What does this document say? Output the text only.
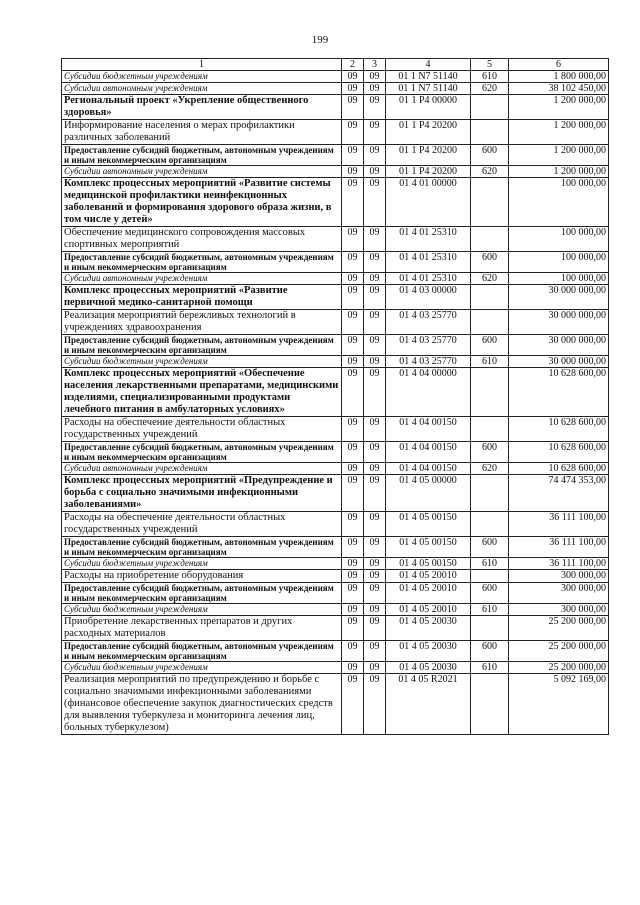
199
1	2	3	4	5	6
Субсидии бюджетным учреждениям	09	09	01 1 N7 51140	610	1 800 000,00
Субсидии автономным учреждениям	09	09	01 1 N7 51140	620	38 102 450,00
Региональный проект «Укрепление общественного здоровья»	09	09	01 1 P4 00000		1 200 000,00
Информирование населения о мерах профилактики различных заболеваний	09	09	01 1 P4 20200		1 200 000,00
Предоставление субсидий бюджетным, автономным учреждениям и иным некоммерческим организациям	09	09	01 1 P4 20200	600	1 200 000,00
Субсидии автономным учреждениям	09	09	01 1 P4 20200	620	1 200 000,00
Комплекс процессных мероприятий «Развитие системы медицинской профилактики неинфекционных заболеваний и формирования здорового образа жизни, в том числе у детей»	09	09	01 4 01 00000		100 000,00
Обеспечение медицинского сопровождения массовых спортивных мероприятий	09	09	01 4 01 25310		100 000,00
Предоставление субсидий бюджетным, автономным учреждениям и иным некоммерческим организациям	09	09	01 4 01 25310	600	100 000,00
Субсидии автономным учреждениям	09	09	01 4 01 25310	620	100 000,00
Комплекс процессных мероприятий «Развитие первичной медико-санитарной помощи	09	09	01 4 03 00000		30 000 000,00
Реализация мероприятий бережливых технологий в учреждениях здравоохранения	09	09	01 4 03 25770		30 000 000,00
Предоставление субсидий бюджетным, автономным учреждениям и иным некоммерческим организациям	09	09	01 4 03 25770	600	30 000 000,00
Субсидии бюджетным учреждениям	09	09	01 4 03 25770	610	30 000 000,00
Комплекс процессных мероприятий «Обеспечение населения лекарственными препаратами, медицинскими изделиями, специализированными продуктами лечебного питания в амбулаторных условиях»	09	09	01 4 04 00000		10 628 600,00
Расходы на обеспечение деятельности областных государственных учреждений	09	09	01 4 04 00150		10 628 600,00
Предоставление субсидий бюджетным, автономным учреждениям и иным некоммерческим организациям	09	09	01 4 04 00150	600	10 628 600,00
Субсидии автономным учреждениям	09	09	01 4 04 00150	620	10 628 600,00
Комплекс процессных мероприятий «Предупреждение и борьба с социально значимыми инфекционными заболеваниями»	09	09	01 4 05 00000		74 474 353,00
Расходы на обеспечение деятельности областных государственных учреждений	09	09	01 4 05 00150		36 111 100,00
Предоставление субсидий бюджетным, автономным учреждениям и иным некоммерческим организациям	09	09	01 4 05 00150	600	36 111 100,00
Субсидии бюджетным учреждениям	09	09	01 4 05 00150	610	36 111 100,00
Расходы на приобретение оборудования	09	09	01 4 05 20010		300 000,00
Предоставление субсидий бюджетным, автономным учреждениям и иным некоммерческим организациям	09	09	01 4 05 20010	600	300 000,00
Субсидии бюджетным учреждениям	09	09	01 4 05 20010	610	300 000,00
Приобретение лекарственных препаратов и других расходных материалов	09	09	01 4 05 20030		25 200 000,00
Предоставление субсидий бюджетным, автономным учреждениям и иным некоммерческим организациям	09	09	01 4 05 20030	600	25 200 000,00
Субсидии бюджетным учреждениям	09	09	01 4 05 20030	610	25 200 000,00
Реализация мероприятий по предупреждению и борьбе с социально значимыми инфекционными заболеваниями (финансовое обеспечение закупок диагностических средств для выявления туберкулеза и мониторинга лечения лиц, больных туберкулезом)	09	09	01 4 05 R2021		5 092 169,00
